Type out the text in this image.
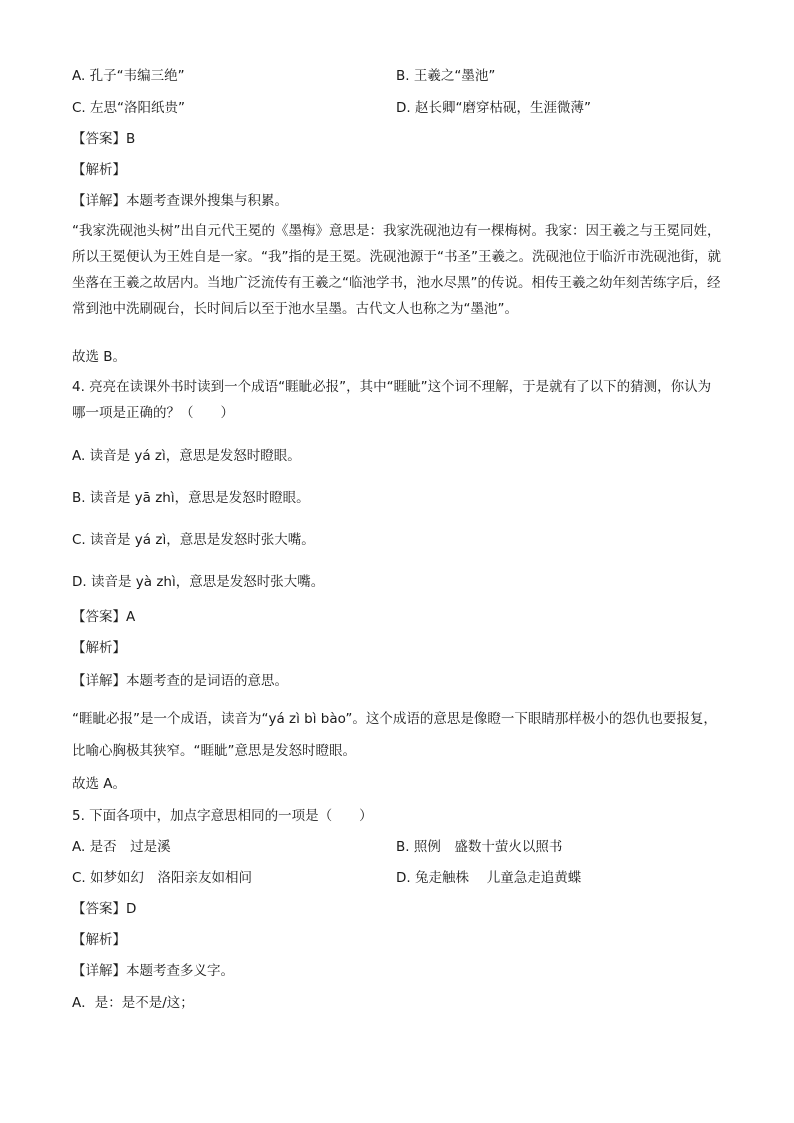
A. 孔子“韦编三绝”	B. 王羲之“墨池”
C. 左思“洛阳纸贵”	D. 赵长卿“磨穿枯砚，生涯微薄”
【答案】B
【解析】
【详解】本题考查课外搜集与积累。
“我家洗砚池头树”出自元代王冕的《墨梅》意思是：我家洗砚池边有一棵梅树。我家：因王羲之与王冕同姓，所以王冕便认为王姓自是一家。“我”指的是王冕。洗砚池源于“书圣”王羲之。洗砚池位于临沂市洗砚池街，就坐落在王羲之故居内。当地广泛流传有王羲之“临池学书，池水尽黑”的传说。相传王羲之幼年刻苦练字后，经常到池中洗刷砚台，长时间后以至于池水呈墨。古代文人也称之为“墨池”。
故选 B。
4. 亮亮在读课外书时读到一个成语“睚眦必报”，其中“睚眦”这个词不理解，于是就有了以下的猜测，你认为哪一项是正确的？（　　）
A. 读音是 yá zì，意思是发怒时瞪眼。
B. 读音是 yā zhì，意思是发怒时瞪眼。
C. 读音是 yá zì，意思是发怒时张大嘴。
D. 读音是 yà zhì，意思是发怒时张大嘴。
【答案】A
【解析】
【详解】本题考查的是词语的意思。
“睚眦必报”是一个成语，读音为“yá zì bì bào”。这个成语的意思是像瞪一下眼睛那样极小的怨仇也要报复，比喻心胸极其狭窄。“睚眦”意思是发怒时瞪眼。
故选 A。
5. 下面各项中，加点字意思相同的一项是（　　）
A. 是否　过是溪	B. 照例　盛数十萤火以照书
C. 如梦如幻　洛阳亲友如相问	D. 兔走触株　 儿童急走追黄蝶
【答案】D
【解析】
【详解】本题考查多义字。
A．是：是不是/这；
